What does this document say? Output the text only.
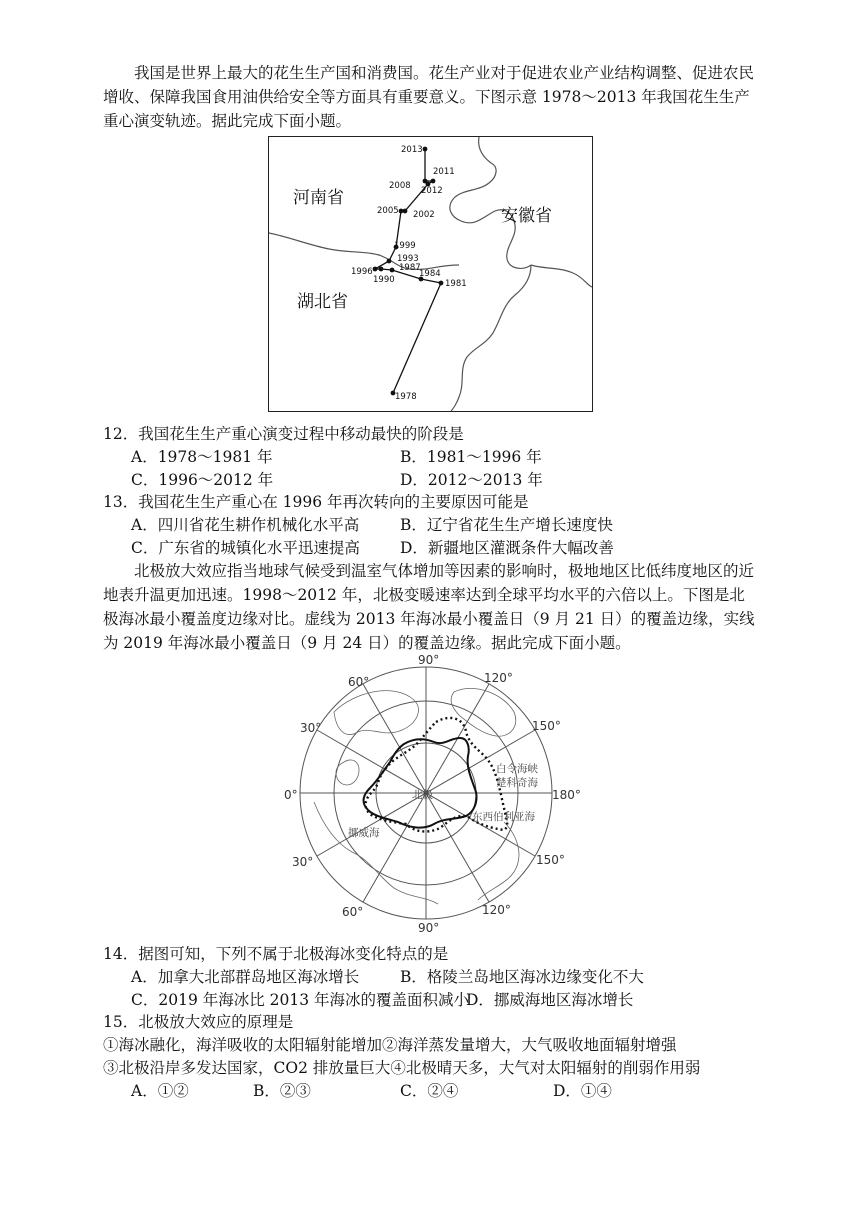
我国是世界上最大的花生生产国和消费国。花生产业对于促进农业产业结构调整、促进农民增收、保障我国食用油供给安全等方面具有重要意义。下图示意 1978～2013 年我国花生生产重心演变轨迹。据此完成下面小题。

河南省
安徽省
湖北省
1978
1981
1984
1987
1990
1993
1996
1999
2002
2005
2008
2011
2012
2013
12．我国花生生产重心演变过程中移动最快的阶段是
A．1978～1981 年	B．1981～1996 年
C．1996～2012 年	D．2012～2013 年
13．我国花生生产重心在 1996 年再次转向的主要原因可能是
A．四川省花生耕作机械化水平高	B．辽宁省花生生产增长速度快
C．广东省的城镇化水平迅速提高	D．新疆地区灌溉条件大幅改善

北极放大效应指当地球气候受到温室气体增加等因素的影响时，极地地区比低纬度地区的近地表升温更加迅速。1998～2012 年，北极变暖速率达到全球平均水平的六倍以上。下图是北极海冰最小覆盖度边缘对比。虚线为 2013 年海冰最小覆盖日（9 月 21 日）的覆盖边缘，实线为 2019 年海冰最小覆盖日（9 月 24 日）的覆盖边缘。据此完成下面小题。

90°
90°
60°
60°
30°
30°
0°
120°
120°
150°
150°
180°
北极
白令海峡
楚科奇海
东西伯利亚海
挪威海
14．据图可知，下列不属于北极海冰变化特点的是
A．加拿大北部群岛地区海冰增长	B．格陵兰岛地区海冰边缘变化不大
C．2019 年海冰比 2013 年海冰的覆盖面积减小
D．挪威海地区海冰增长
15．北极放大效应的原理是
①海冰融化，海洋吸收的太阳辐射能增加②海洋蒸发量增大，大气吸收地面辐射增强
③北极沿岸多发达国家，CO2 排放量巨大④北极晴天多，大气对太阳辐射的削弱作用弱
A．①②	B．②③	C．②④	D．①④
